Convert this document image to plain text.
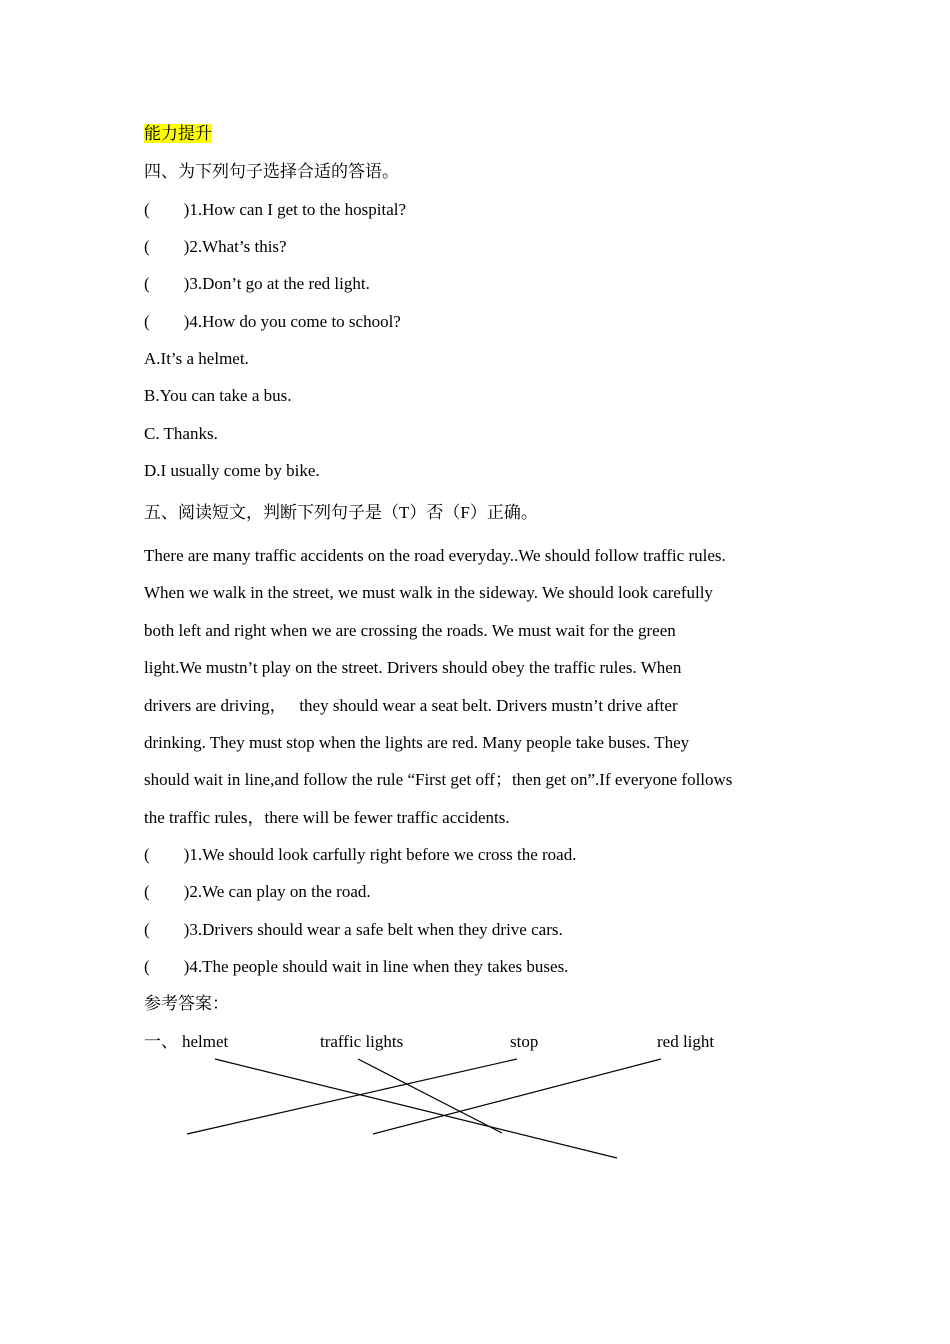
能力提升
四、为下列句子选择合适的答语。
(        )1.How can I get to the hospital?
(        )2.What’s this?
(        )3.Don’t go at the red light.
(        )4.How do you come to school?
A.It’s a helmet.
B.You can take a bus.
C. Thanks.
D.I usually come by bike.
五、阅读短文，判断下列句子是（T）否（F）正确。
There are many traffic accidents on the road everyday..We should follow traffic rules.
When we walk in the street, we must walk in the sideway. We should look carefully
both left and right when we are crossing the roads. We must wait for the green
light.We mustn’t play on the street. Drivers should obey the traffic rules. When
drivers are driving，   they should wear a seat belt. Drivers mustn’t drive after
drinking. They must stop when the lights are red. Many people take buses. They
should wait in line,and follow the rule “First get off；then get on”.If everyone follows
the traffic rules，there will be fewer traffic accidents.
(        )1.We should look carfully right before we cross the road.
(        )2.We can play on the road.
(        )3.Drivers should wear a safe belt when they drive cars.
(        )4.The people should wait in line when they takes buses.
参考答案：
一、 helmet	traffic lights	stop	red light
